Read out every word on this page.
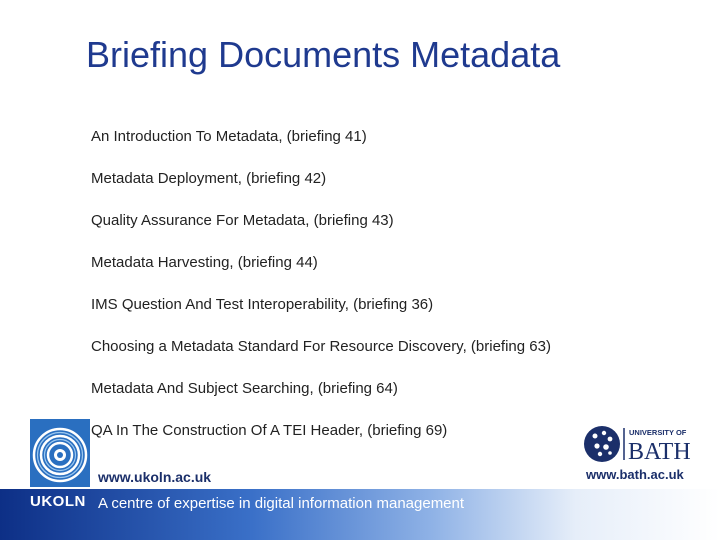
Briefing Documents Metadata
An Introduction To Metadata, (briefing 41)
Metadata Deployment, (briefing 42)
Quality Assurance For Metadata, (briefing 43)
Metadata Harvesting, (briefing 44)
IMS Question And Test Interoperability, (briefing 36)
Choosing a Metadata Standard For Resource Discovery, (briefing 63)
Metadata And Subject Searching, (briefing 64)
QA In The Construction Of A TEI Header, (briefing 69)
UKOLN
www.ukoln.ac.uk
A centre of expertise in digital information management
UNIVERSITY OF
BATH
www.bath.ac.uk
